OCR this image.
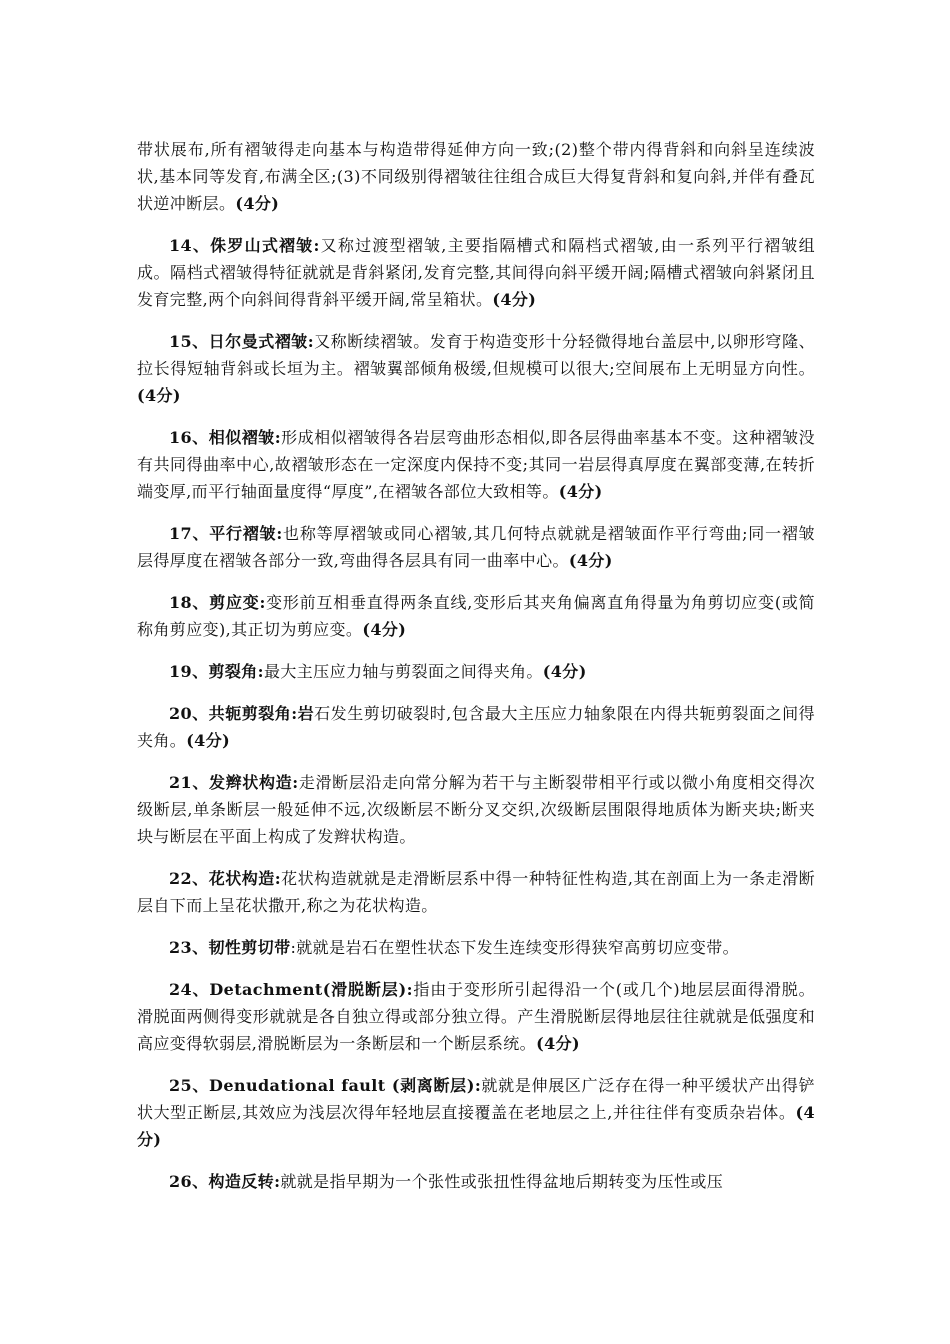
带状展布,所有褶皱得走向基本与构造带得延伸方向一致;(2)整个带内得背斜和向斜呈连续波状,基本同等发育,布满全区;(3)不同级别得褶皱往往组合成巨大得复背斜和复向斜,并伴有叠瓦状逆冲断层。(4分)

14、侏罗山式褶皱:又称过渡型褶皱,主要指隔槽式和隔档式褶皱,由一系列平行褶皱组成。隔档式褶皱得特征就就是背斜紧闭,发育完整,其间得向斜平缓开阔;隔槽式褶皱向斜紧闭且发育完整,两个向斜间得背斜平缓开阔,常呈箱状。(4分)

15、日尔曼式褶皱:又称断续褶皱。发育于构造变形十分轻微得地台盖层中,以卵形穹隆、拉长得短轴背斜或长垣为主。褶皱翼部倾角极缓,但规模可以很大;空间展布上无明显方向性。(4分)

16、相似褶皱:形成相似褶皱得各岩层弯曲形态相似,即各层得曲率基本不变。这种褶皱没有共同得曲率中心,故褶皱形态在一定深度内保持不变;其同一岩层得真厚度在翼部变薄,在转折端变厚,而平行轴面量度得“厚度”,在褶皱各部位大致相等。(4分)

17、平行褶皱:也称等厚褶皱或同心褶皱,其几何特点就就是褶皱面作平行弯曲;同一褶皱层得厚度在褶皱各部分一致,弯曲得各层具有同一曲率中心。(4分)

18、剪应变:变形前互相垂直得两条直线,变形后其夹角偏离直角得量为角剪切应变(或简称角剪应变),其正切为剪应变。(4分)

19、剪裂角:最大主压应力轴与剪裂面之间得夹角。(4分)

20、共轭剪裂角:岩石发生剪切破裂时,包含最大主压应力轴象限在内得共轭剪裂面之间得夹角。(4分)

21、发辫状构造:走滑断层沿走向常分解为若干与主断裂带相平行或以微小角度相交得次级断层,单条断层一般延伸不远,次级断层不断分叉交织,次级断层围限得地质体为断夹块;断夹块与断层在平面上构成了发辫状构造。

22、花状构造:花状构造就就是走滑断层系中得一种特征性构造,其在剖面上为一条走滑断层自下而上呈花状撒开,称之为花状构造。

23、韧性剪切带:就就是岩石在塑性状态下发生连续变形得狭窄高剪切应变带。

24、Detachment(滑脱断层):指由于变形所引起得沿一个(或几个)地层层面得滑脱。滑脱面两侧得变形就就是各自独立得或部分独立得。产生滑脱断层得地层往往就就是低强度和高应变得软弱层,滑脱断层为一条断层和一个断层系统。(4分)

25、Denudational fault (剥离断层):就就是伸展区广泛存在得一种平缓状产出得铲状大型正断层,其效应为浅层次得年轻地层直接覆盖在老地层之上,并往往伴有变质杂岩体。(4分)

26、构造反转:就就是指早期为一个张性或张扭性得盆地后期转变为压性或压
